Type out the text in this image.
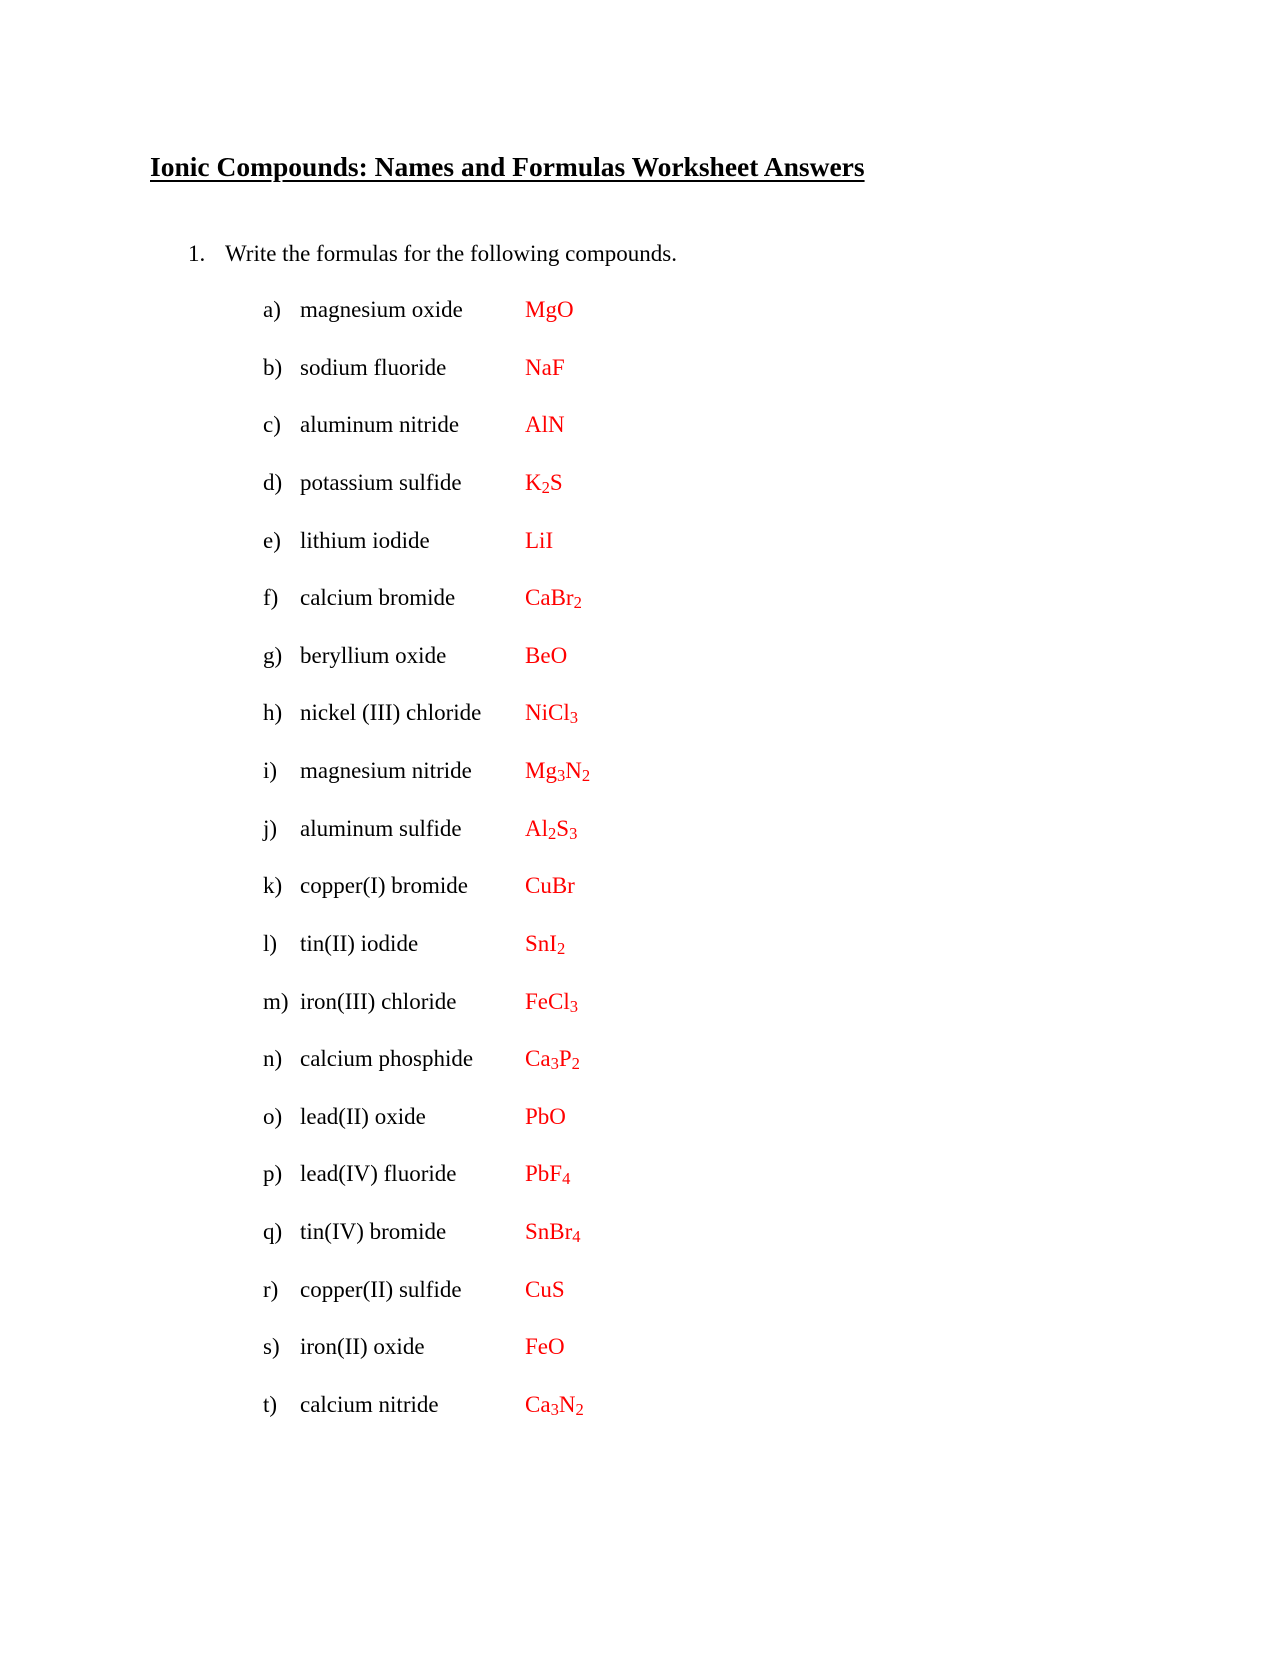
Ionic Compounds: Names and Formulas Worksheet Answers
1. Write the formulas for the following compounds.
a) magnesium oxide	MgO
b) sodium fluoride	NaF
c) aluminum nitride	AlN
d) potassium sulfide	$K_2S$
e) lithium iodide	LiI
f) calcium bromide	CaBr$_2$
g) beryllium oxide	BeO
h) nickel (III) chloride NiCl$_3$
i) magnesium nitride $Mg_3N_2$
j) aluminum sulfide	$Al_2S_3$
k) copper(I) bromide CuBr
l) tin(II) iodide	SnI$_2$
m) iron(III) chloride	FeCl$_3$
n) calcium phosphide $Ca_3P_2$
o) lead(II) oxide	PbO
p) lead(IV) fluoride	PbF$_4$
q) tin(IV) bromide	SnBr$_4$
r) copper(II) sulfide	CuS
s) iron(II) oxide	FeO
t) calcium nitride	$Ca_3N_2$
